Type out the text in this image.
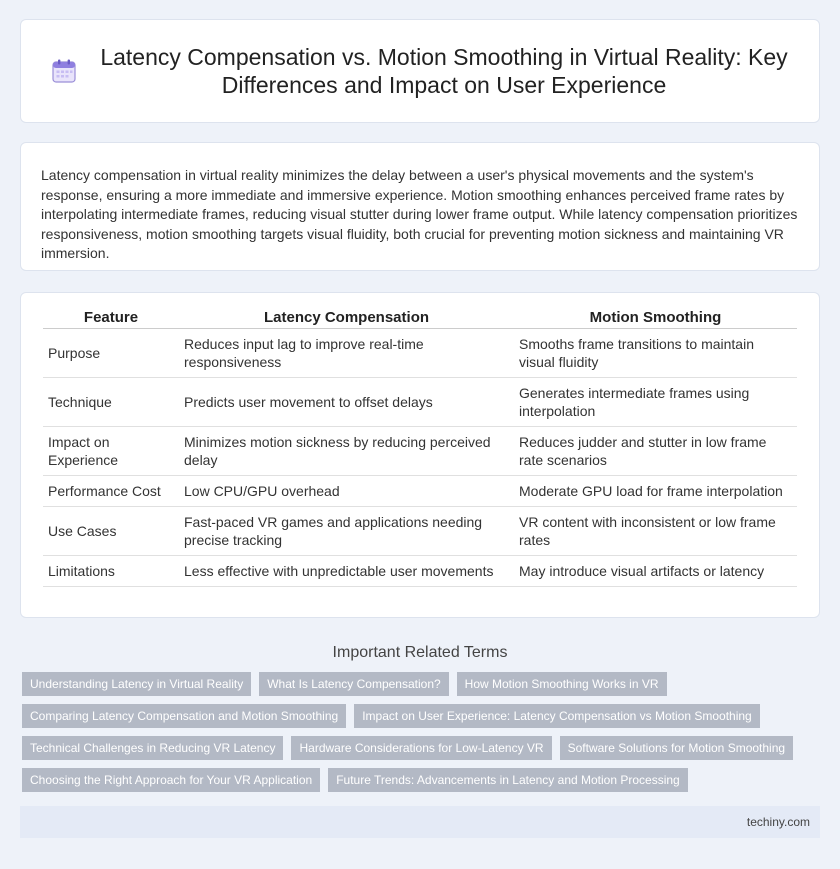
Latency Compensation vs. Motion Smoothing in Virtual Reality: Key Differences and Impact on User Experience

Latency compensation in virtual reality minimizes the delay between a user's physical movements and the system's response, ensuring a more immediate and immersive experience. Motion smoothing enhances perceived frame rates by interpolating intermediate frames, reducing visual stutter during lower frame output. While latency compensation prioritizes responsiveness, motion smoothing targets visual fluidity, both crucial for preventing motion sickness and maintaining VR immersion.

Feature	Latency Compensation	Motion Smoothing
Purpose	Reduces input lag to improve real-time responsiveness	Smooths frame transitions to maintain visual fluidity
Technique	Predicts user movement to offset delays	Generates intermediate frames using interpolation
Impact on Experience	Minimizes motion sickness by reducing perceived delay	Reduces judder and stutter in low frame rate scenarios
Performance Cost	Low CPU/GPU overhead	Moderate GPU load for frame interpolation
Use Cases	Fast-paced VR games and applications needing precise tracking	VR content with inconsistent or low frame rates
Limitations	Less effective with unpredictable user movements	May introduce visual artifacts or latency
Important Related Terms
Understanding Latency in Virtual Reality	What Is Latency Compensation?	How Motion Smoothing Works in VR
Comparing Latency Compensation and Motion Smoothing	Impact on User Experience: Latency Compensation vs Motion Smoothing
Technical Challenges in Reducing VR Latency	Hardware Considerations for Low-Latency VR	Software Solutions for Motion Smoothing
Choosing the Right Approach for Your VR Application	Future Trends: Advancements in Latency and Motion Processing
techiny.com
